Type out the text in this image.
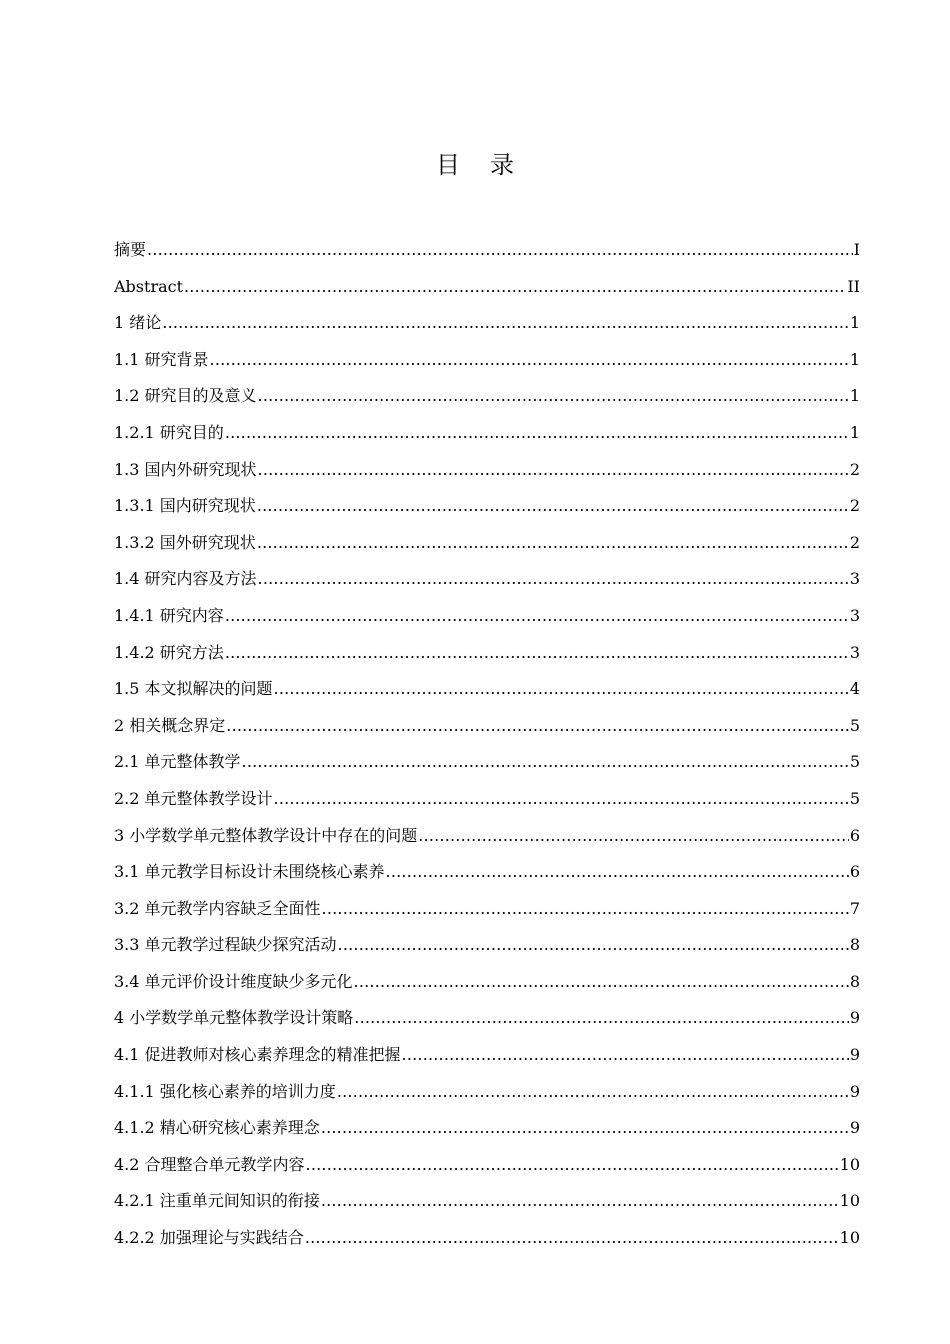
目录
摘要 .....	I
Abstract .....	II
1 绪论 .....	1
1.1 研究背景 .....	1
1.2 研究目的及意义 .....	1
1.2.1 研究目的 .....	1
1.3 国内外研究现状 .....	2
1.3.1 国内研究现状 .....	2
1.3.2 国外研究现状 .....	2
1.4 研究内容及方法 .....	3
1.4.1 研究内容 .....	3
1.4.2 研究方法 .....	3
1.5 本文拟解决的问题 .....	4
2 相关概念界定 .....	5
2.1 单元整体教学 .....	5
2.2 单元整体教学设计 .....	5
3 小学数学单元整体教学设计中存在的问题 .....	6
3.1 单元教学目标设计未围绕核心素养 .....	6
3.2 单元教学内容缺乏全面性 .....	7
3.3 单元教学过程缺少探究活动 .....	8
3.4 单元评价设计维度缺少多元化 .....	8
4 小学数学单元整体教学设计策略 .....	9
4.1 促进教师对核心素养理念的精准把握 .....	9
4.1.1 强化核心素养的培训力度 .....	9
4.1.2 精心研究核心素养理念 .....	9
4.2 合理整合单元教学内容 .....	10
4.2.1 注重单元间知识的衔接 .....	10
4.2.2 加强理论与实践结合 .....	10
